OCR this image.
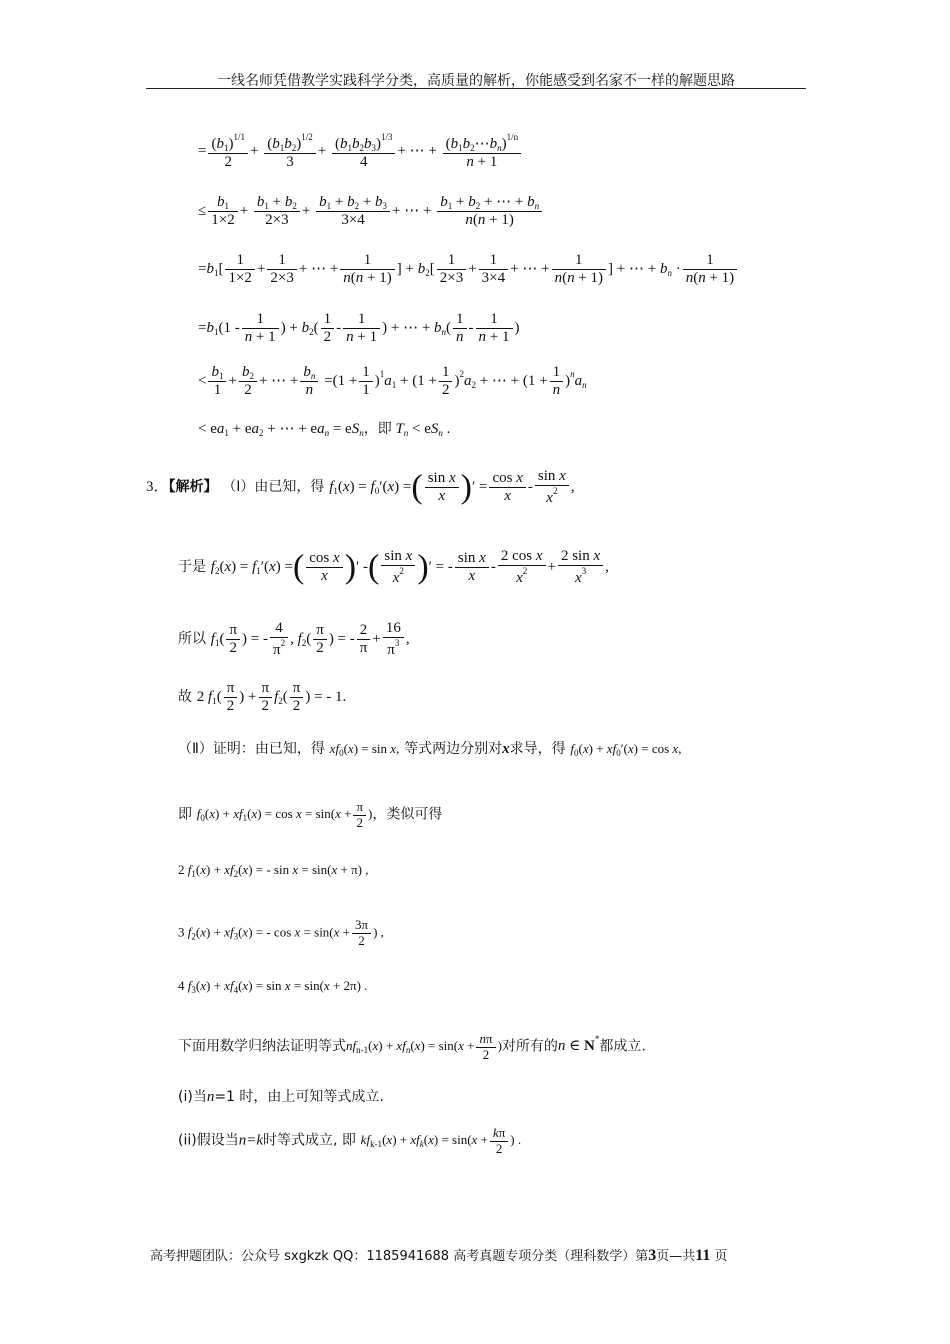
一线名师凭借教学实践科学分类，高质量的解析，你能感受到名家不一样的解题思路
= $\frac{(b_1)^{1/1}}{2} + \frac{(b_1b_2)^{1/2}}{3} + \frac{(b_1b_2b_3)^{1/3}}{4}$ + ⋯ + $\frac{(b_1b_2\cdots b_n)^{1/n}}{n + 1}$
≤ $\frac{b_1}{1\times 2} + \frac{b_1 + b_2}{2\times 3} + \frac{b_1 + b_2 + b_3}{3\times 4}$ + ⋯ + $\frac{b_1 + b_2 + \cdots + b_n}{n(n + 1)}$
$=b_1[ \frac{1}{1\times 2} + \frac{1}{2\times 3}$ + ⋯ + $\frac{1}{n(n + 1)}$ ] + $b_2[ \frac{1}{2\times 3} + \frac{1}{3\times 4}$ + ⋯ + $\frac{1}{n(n + 1)}$ ] + ⋯ + $b_n \cdot \frac{1}{n(n + 1)}$
$=b_1(1 - \frac{1}{n + 1}$ ) + $b_2( \frac{1}{2} - \frac{1}{n + 1}$ ) + ⋯ + $b_n( \frac{1}{n} - \frac{1}{n + 1}$ )
< $\frac{b_1}{1} + \frac{b_2}{2}$ + ⋯ + $\frac{b_n}{n} =(1 + \frac{1}{1} )^1a_1 + (1 + \frac{1}{2} )^2a_2$ + ⋯ + $(1 + \frac{1}{n} )^na_n$
< $ea_1 + ea_2$ + ⋯ + $ea_n = eS_n$，即 $T_n < eS_n$ .
3．【解析】 （Ⅰ）由已知，得 $f_1(x) = f_0'(x)$ =( $\frac{\text{sin x}}{x}$ )′ = $\frac{\text{cos x}}{x} - \frac{\text{sin x}}{x^2}$ ,
于是 $f_2(x) = f_1'(x)$ =( $\frac{\text{cos x}}{x}$ )′ -( $\frac{\text{sin x}}{x^2}$ )′ = - $\frac{\text{sin x}}{x} - \frac{\text{2 cos x}}{x^2} + \frac{\text{2 sin x}}{x^3}$ ,
所以 $f_1( \frac{\pi}{2}$ ) = - $\frac{4}{\pi^2}$ , $f_2( \frac{\pi}{2}$ ) = - $\frac{2}{\pi} + \frac{16}{\pi^3}$ ,
故 2 $f_1( \frac{\pi}{2}$ ) + $\frac{\pi}{2} f_2( \frac{\pi}{2}$ ) = - 1.
（Ⅱ）证明：由已知，得 $xf_0(x) = \sin x$, 等式两边分别对x求导，得 $f_0(x) + xf_0'(x) = \cos x$,
即 $f_0(x) + xf_1(x) = \cos x = \sin(x + \frac{\pi}{2}$ )，类似可得
2 $f_1(x) + xf_2(x)$ = - sin x = sin(x + π) ,
3 $f_2(x) + xf_3(x)$ = - $\cos x = \sin(x + \frac{3\pi}{2}$ ) ,
4 $f_3(x) + xf_4(x) = \sin x = \sin(x + 2\pi)$ .
下面用数学归纳法证明等式$nf_{n-1}(x) + xf_n(x) = \sin(x + \frac{n\pi}{2}$ )对所有的n ∈ N*都成立.
(i)当n=1 时，由上可知等式成立.
(ii)假设当n=k时等式成立, 即 $kf_{k-1}(x) + xf_k(x) = \sin(x + \frac{k\pi}{2}$ ) .
高考押题团队：公众号 sxgkzk QQ：1185941688 高考真题专项分类（理科数学）第3页—共11 页
